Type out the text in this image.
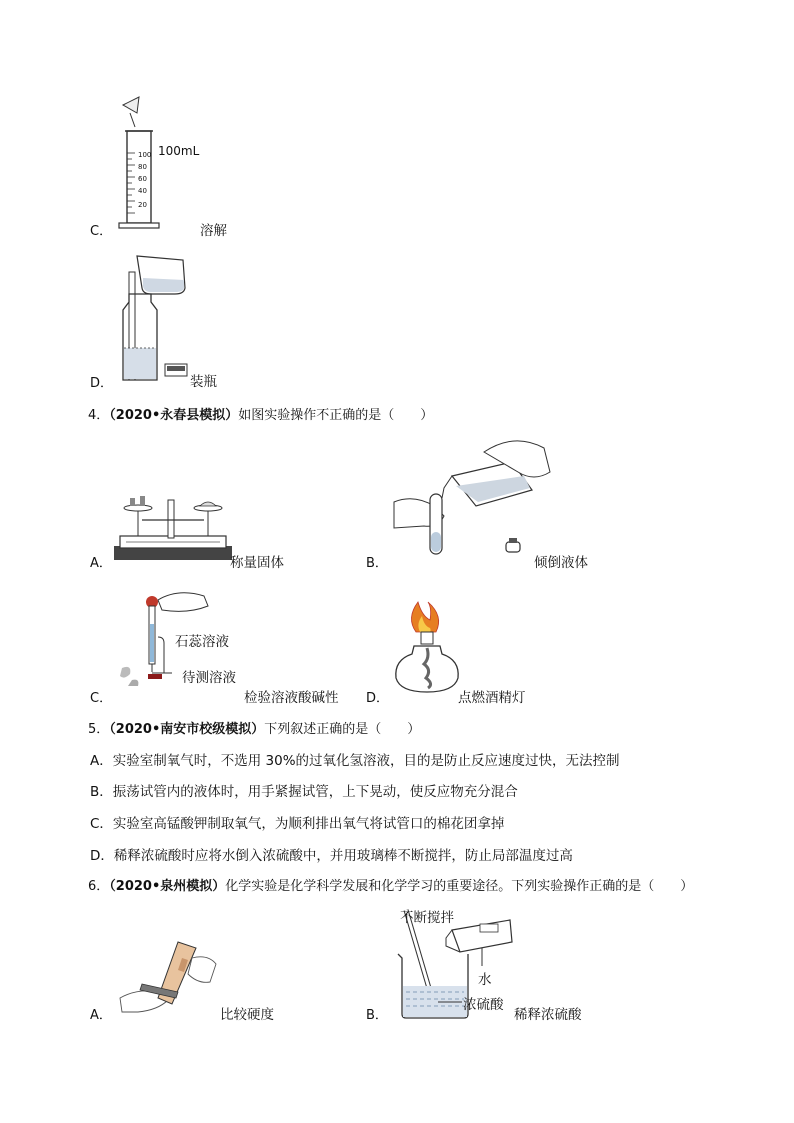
C．
100
80
60
40
20
100mL
溶解
D．	装瓶
4．（2020•永春县模拟）如图实验操作不正确的是（　　）
A．	称量固体	B．	倾倒液体
C．
石蕊溶液
待测溶液
检验溶液酸碱性 D．	点燃酒精灯
5．（2020•南安市校级模拟）下列叙述正确的是（　　）
A．实验室制氧气时，不选用 30%的过氧化氢溶液，目的是防止反应速度过快，无法控制
B．振荡试管内的液体时，用手紧握试管，上下晃动，使反应物充分混合
C．实验室高锰酸钾制取氧气，为顺利排出氧气将试管口的棉花团拿掉
D．稀释浓硫酸时应将水倒入浓硫酸中，并用玻璃棒不断搅拌，防止局部温度过高
6．（2020•泉州模拟）化学实验是化学科学发展和化学学习的重要途径。下列实验操作正确的是（　　）
A．	比较硬度	B．
不断搅拌
水
浓硫酸
稀释浓硫酸
